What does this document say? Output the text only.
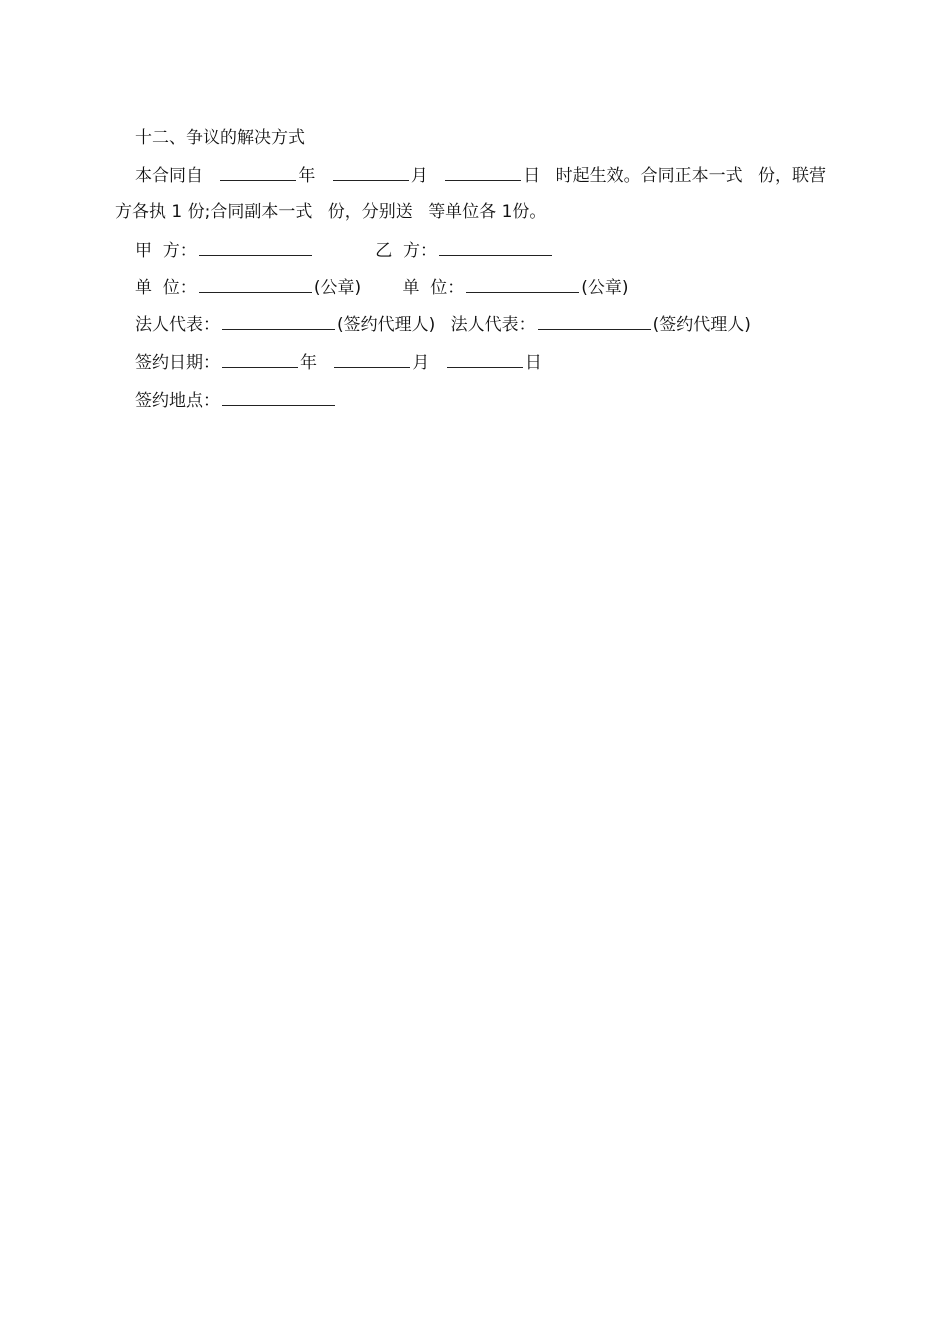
十二、争议的解决方式
本合同自	年	月	日 时起生效。合同正本一式 份，联营
方各执 1 份;合同副本一式 份，分别送 等单位各 1份。
甲  方：	乙  方：
单  位：	(公章) 单  位：	(公章)
法人代表：	(签约代理人) 法人代表：	(签约代理人)
签约日期：	年	月	日
签约地点：
